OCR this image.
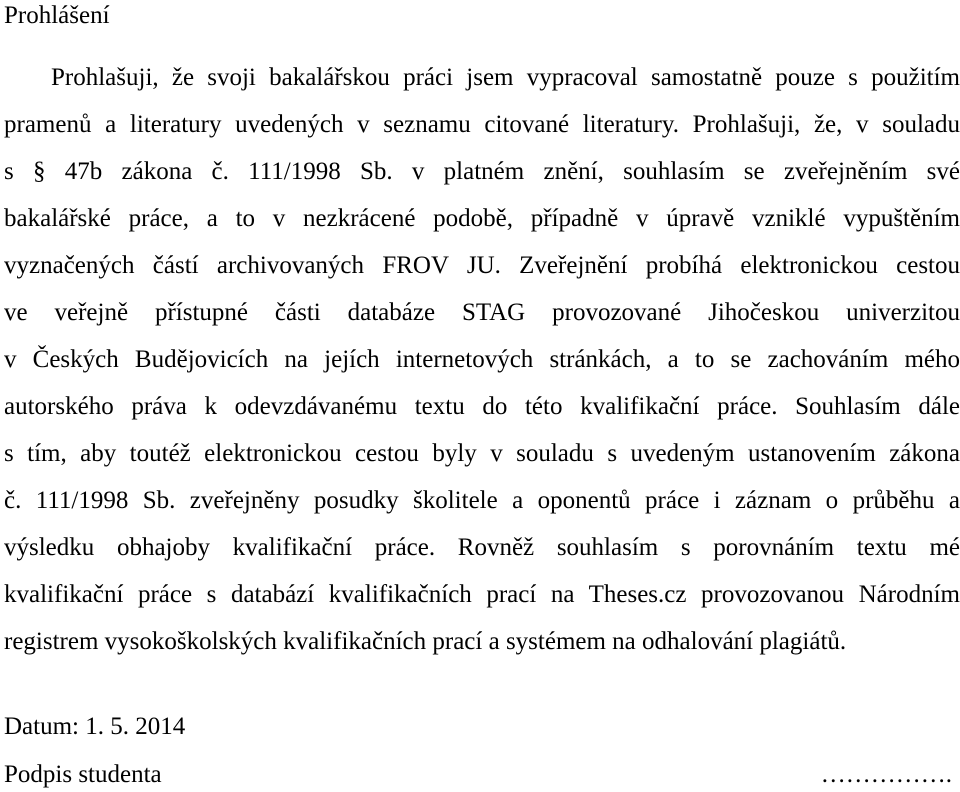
Prohlášení
Prohlašuji, že svoji bakalářskou práci jsem vypracoval samostatně pouze s použitím
pramenů a literatury uvedených v seznamu citované literatury. Prohlašuji, že, v souladu
s § 47b zákona č. 111/1998 Sb. v platném znění, souhlasím se zveřejněním své
bakalářské práce, a to v nezkrácené podobě, případně v úpravě vzniklé vypuštěním
vyznačených částí archivovaných FROV JU. Zveřejnění probíhá elektronickou cestou
ve veřejně přístupné části databáze STAG provozované Jihočeskou univerzitou
v Českých Budějovicích na jejích internetových stránkách, a to se zachováním mého
autorského práva k odevzdávanému textu do této kvalifikační práce. Souhlasím dále
s tím, aby toutéž elektronickou cestou byly v souladu s uvedeným ustanovením zákona
č. 111/1998 Sb. zveřejněny posudky školitele a oponentů práce i záznam o průběhu a
výsledku obhajoby kvalifikační práce. Rovněž souhlasím s porovnáním textu mé
kvalifikační práce s databází kvalifikačních prací na Theses.cz provozovanou Národním
registrem vysokoškolských kvalifikačních prací a systémem na odhalování plagiátů.
Datum: 1. 5. 2014
Podpis studenta	…………….
